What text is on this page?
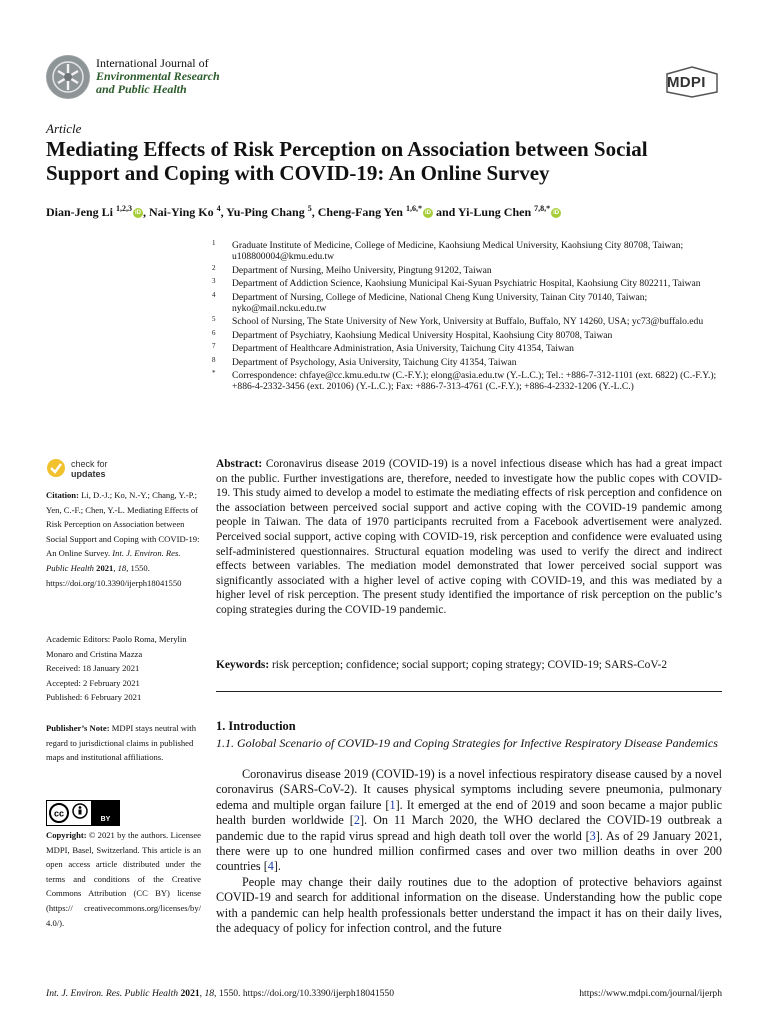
International Journal of
Environmental Research
and Public Health	MDPI
Article
Mediating Effects of Risk Perception on Association between Social Support and Coping with COVID-19: An Online Survey
Dian-Jeng Li $^{1,2,3}$iD , Nai-Ying Ko $^4$, Yu-Ping Chang $^5$, Cheng-Fang Yen $^{1,6,*}$iD and Yi-Lung Chen $^{7,8,*}$iD
1 Graduate Institute of Medicine, College of Medicine, Kaohsiung Medical University, Kaohsiung City 80708, Taiwan; u108800004@kmu.edu.tw
2 Department of Nursing, Meiho University, Pingtung 91202, Taiwan
3 Department of Addiction Science, Kaohsiung Municipal Kai-Syuan Psychiatric Hospital, Kaohsiung City 802211, Taiwan
4 Department of Nursing, College of Medicine, National Cheng Kung University, Tainan City 70140, Taiwan; nyko@mail.ncku.edu.tw
5 School of Nursing, The State University of New York, University at Buffalo, Buffalo, NY 14260, USA; yc73@buffalo.edu
6 Department of Psychiatry, Kaohsiung Medical University Hospital, Kaohsiung City 80708, Taiwan
7 Department of Healthcare Administration, Asia University, Taichung City 41354, Taiwan
8 Department of Psychology, Asia University, Taichung City 41354, Taiwan
* Correspondence: chfaye@cc.kmu.edu.tw (C.-F.Y.); elong@asia.edu.tw (Y.-L.C.); Tel.: +886-7-312-1101 (ext. 6822) (C.-F.Y.); +886-4-2332-3456 (ext. 20106) (Y.-L.C.); Fax: +886-7-313-4761 (C.-F.Y.); +886-4-2332-1206 (Y.-L.C.)
check for
updates
Citation: Li, D.-J.; Ko, N.-Y.; Chang, Y.-P.; Yen, C.-F.; Chen, Y.-L. Mediating Effects of Risk Perception on Association between Social Support and Coping with COVID-19: An Online Survey. Int. J. Environ. Res. Public Health 2021, 18, 1550. https://doi.org/10.3390/ijerph18041550
Academic Editors: Paolo Roma, Merylin Monaro and Cristina Mazza
Received: 18 January 2021
Accepted: 2 February 2021
Published: 6 February 2021
Publisher’s Note: MDPI stays neutral with regard to jurisdictional claims in published maps and institutional affiliations.
cc
BY
Copyright: © 2021 by the authors. Licensee MDPI, Basel, Switzerland. This article is an open access article distributed under the terms and conditions of the Creative Commons Attribution (CC BY) license (https:// creativecommons.org/licenses/by/ 4.0/).
Abstract: Coronavirus disease 2019 (COVID-19) is a novel infectious disease which has had a great impact on the public. Further investigations are, therefore, needed to investigate how the public copes with COVID-19. This study aimed to develop a model to estimate the mediating effects of risk perception and confidence on the association between perceived social support and active coping with the COVID-19 pandemic among people in Taiwan. The data of 1970 participants recruited from a Facebook advertisement were analyzed. Perceived social support, active coping with COVID-19, risk perception and confidence were evaluated using self-administered questionnaires. Structural equation modeling was used to verify the direct and indirect effects between variables. The mediation model demonstrated that lower perceived social support was significantly associated with a higher level of active coping with COVID-19, and this was mediated by a higher level of risk perception. The present study identified the importance of risk perception on the public’s coping strategies during the COVID-19 pandemic.
Keywords: risk perception; confidence; social support; coping strategy; COVID-19; SARS-CoV-2
1. Introduction
1.1. Golobal Scenario of COVID-19 and Coping Strategies for Infective Respiratory Disease Pandemics

Coronavirus disease 2019 (COVID-19) is a novel infectious respiratory disease caused by a novel coronavirus (SARS-CoV-2). It causes physical symptoms including severe pneumonia, pulmonary edema and multiple organ failure [1]. It emerged at the end of 2019 and soon became a major public health burden worldwide [2]. On 11 March 2020, the WHO declared the COVID-19 outbreak a pandemic due to the rapid virus spread and high death toll over the world [3]. As of 29 January 2021, there were up to one hundred million confirmed cases and over two million deaths in over 200 countries [4].

People may change their daily routines due to the adoption of protective behaviors against COVID-19 and search for additional information on the disease. Understanding how the public cope with a pandemic can help health professionals better understand the impact it has on their daily lives, the adequacy of policy for infection control, and the future

Int. J. Environ. Res. Public Health 2021, 18, 1550. https://doi.org/10.3390/ijerph18041550	https://www.mdpi.com/journal/ijerph
